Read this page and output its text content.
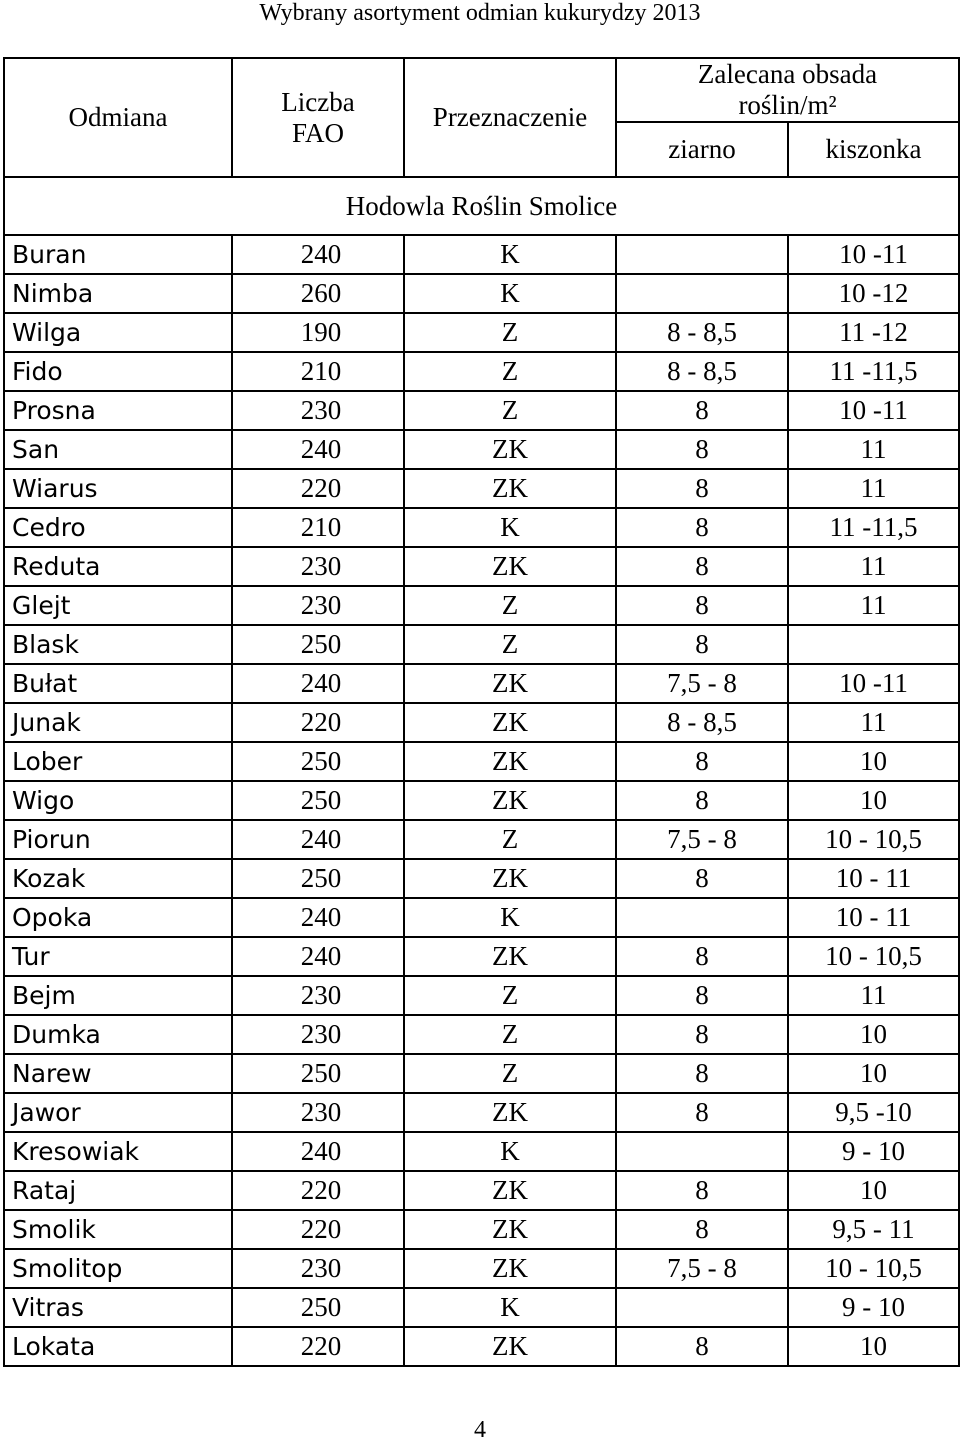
Wybrany asortyment odmian kukurydzy 2013
Odmiana	Liczba FAO	Przeznaczenie	Zalecana obsada roślin/m²	
			ziarno	kiszonka
Hodowla Roślin Smolice				
Buran	240	K		10 -11
Nimba	260	K		10 -12
Wilga	190	Z	8 - 8,5	11 -12
Fido	210	Z	8 - 8,5	11 -11,5
Prosna	230	Z	8	10 -11
San	240	ZK	8	11
Wiarus	220	ZK	8	11
Cedro	210	K	8	11 -11,5
Reduta	230	ZK	8	11
Glejt	230	Z	8	11
Blask	250	Z	8	
Bułat	240	ZK	7,5 - 8	10 -11
Junak	220	ZK	8 - 8,5	11
Lober	250	ZK	8	10
Wigo	250	ZK	8	10
Piorun	240	Z	7,5 - 8	10 - 10,5
Kozak	250	ZK	8	10 - 11
Opoka	240	K		10 - 11
Tur	240	ZK	8	10 - 10,5
Bejm	230	Z	8	11
Dumka	230	Z	8	10
Narew	250	Z	8	10
Jawor	230	ZK	8	9,5 -10
Kresowiak	240	K		9 - 10
Rataj	220	ZK	8	10
Smolik	220	ZK	8	9,5 - 11
Smolitop	230	ZK	7,5 - 8	10 - 10,5
Vitras	250	K		9 - 10
Lokata	220	ZK	8	10
4
